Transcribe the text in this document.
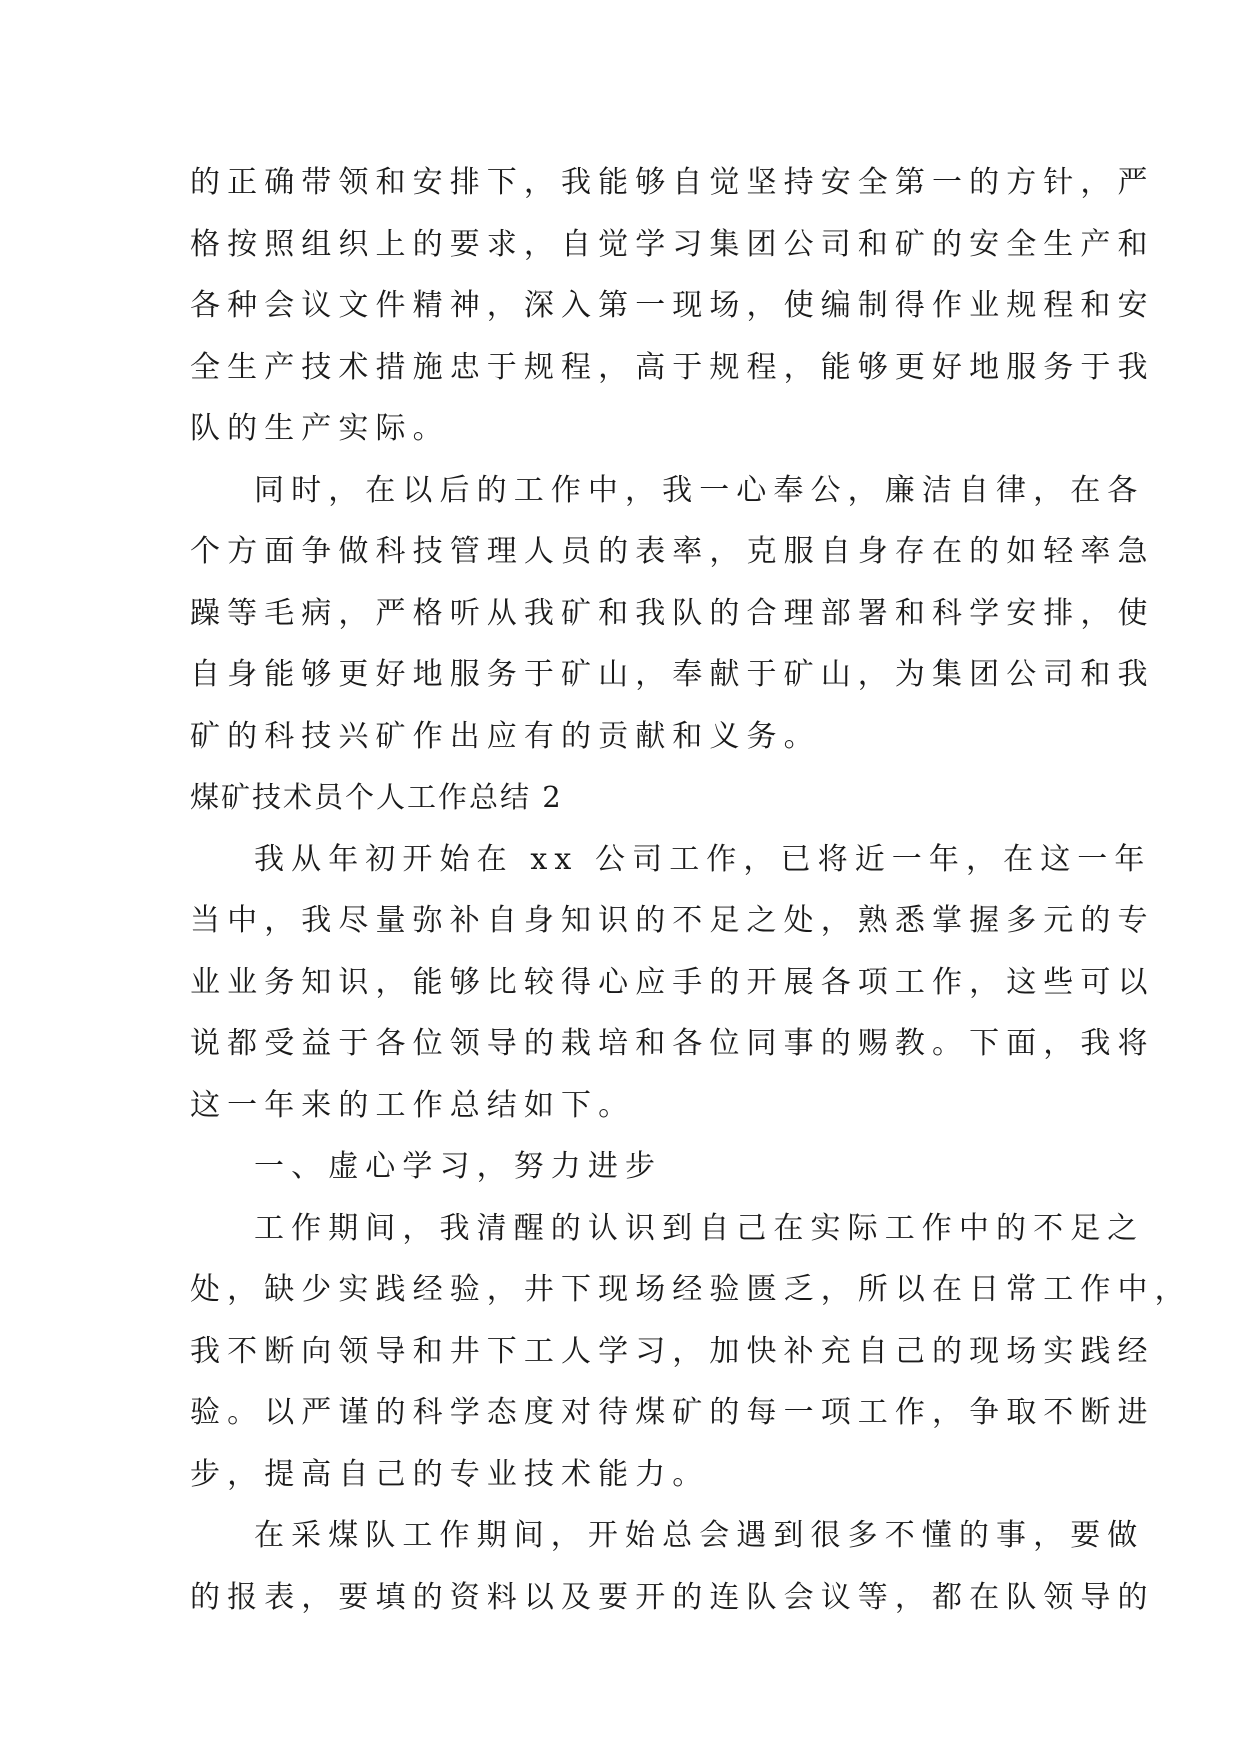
的正确带领和安排下，我能够自觉坚持安全第一的方针，严
格按照组织上的要求，自觉学习集团公司和矿的安全生产和
各种会议文件精神，深入第一现场，使编制得作业规程和安
全生产技术措施忠于规程，高于规程，能够更好地服务于我
队的生产实际。
同时，在以后的工作中，我一心奉公，廉洁自律，在各
个方面争做科技管理人员的表率，克服自身存在的如轻率急
躁等毛病，严格听从我矿和我队的合理部署和科学安排，使
自身能够更好地服务于矿山，奉献于矿山，为集团公司和我
矿的科技兴矿作出应有的贡献和义务。
煤矿技术员个人工作总结 2
我从年初开始在 xx 公司工作，已将近一年，在这一年
当中，我尽量弥补自身知识的不足之处，熟悉掌握多元的专
业业务知识，能够比较得心应手的开展各项工作，这些可以
说都受益于各位领导的栽培和各位同事的赐教。下面，我将
这一年来的工作总结如下。
一、虚心学习，努力进步
工作期间，我清醒的认识到自己在实际工作中的不足之
处，缺少实践经验，井下现场经验匮乏，所以在日常工作中，
我不断向领导和井下工人学习，加快补充自己的现场实践经
验。以严谨的科学态度对待煤矿的每一项工作，争取不断进
步，提高自己的专业技术能力。
在采煤队工作期间，开始总会遇到很多不懂的事，要做
的报表，要填的资料以及要开的连队会议等，都在队领导的
